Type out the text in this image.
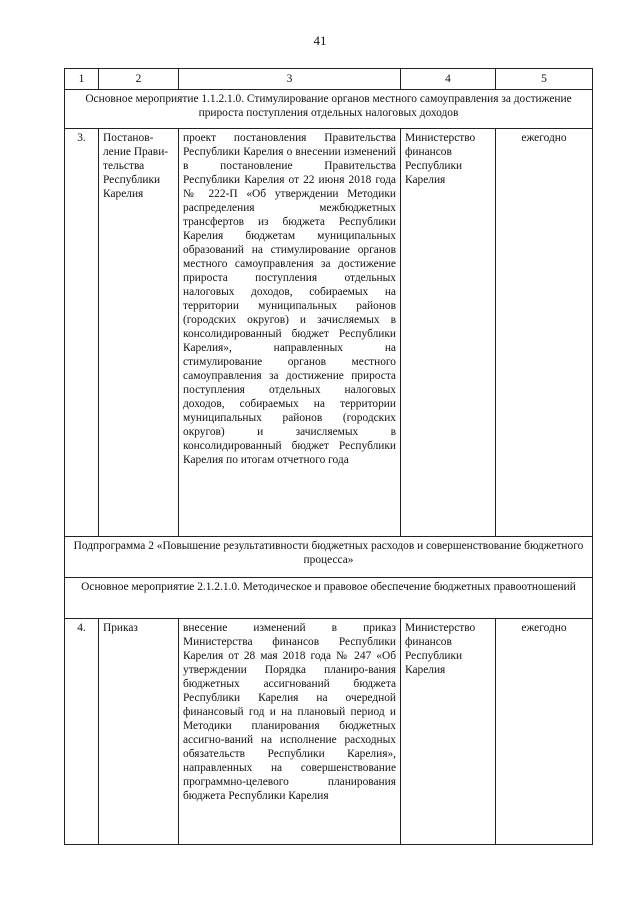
41
1	2	3	4	5
Основное мероприятие 1.1.2.1.0. Стимулирование органов местного самоуправления за достижение прироста поступления отдельных налоговых доходов				
3.	Постанов-ление Прави-тельства Республики Карелия	проект постановления Правительства Республики Карелия о внесении изменений в постановление Правительства Республики Карелия от 22 июня 2018 года № 222-П «Об утверждении Методики распределения межбюджетных трансфертов из бюджета Республики Карелия бюджетам муниципальных образований на стимулирование органов местного самоуправления за достижение прироста поступления отдельных налоговых доходов, собираемых на территории муниципальных районов (городских округов) и зачисляемых в консолидированный бюджет Республики Карелия», направленных на стимулирование органов местного самоуправления за достижение прироста поступления отдельных налоговых доходов, собираемых на территории муниципальных районов (городских округов) и зачисляемых в консолидированный бюджет Республики Карелия по итогам отчетного года	Министерство финансов Республики Карелия	ежегодно
Подпрограмма 2 «Повышение результативности бюджетных расходов и совершенствование бюджетного процесса»				
Основное мероприятие 2.1.2.1.0. Методическое и правовое обеспечение бюджетных правоотношений				
4.	Приказ	внесение изменений в приказ Министерства финансов Республики Карелия от 28 мая 2018 года № 247 «Об утверждении Порядка планиро-вания бюджетных ассигнований бюджета Республики Карелия на очередной финансовый год и на плановый период и Методики планирования бюджетных ассигно-ваний на исполнение расходных обязательств Республики Карелия», направленных на совершенствование программно-целевого планирования бюджета Республики Карелия	Министерство финансов Республики Карелия	ежегодно
